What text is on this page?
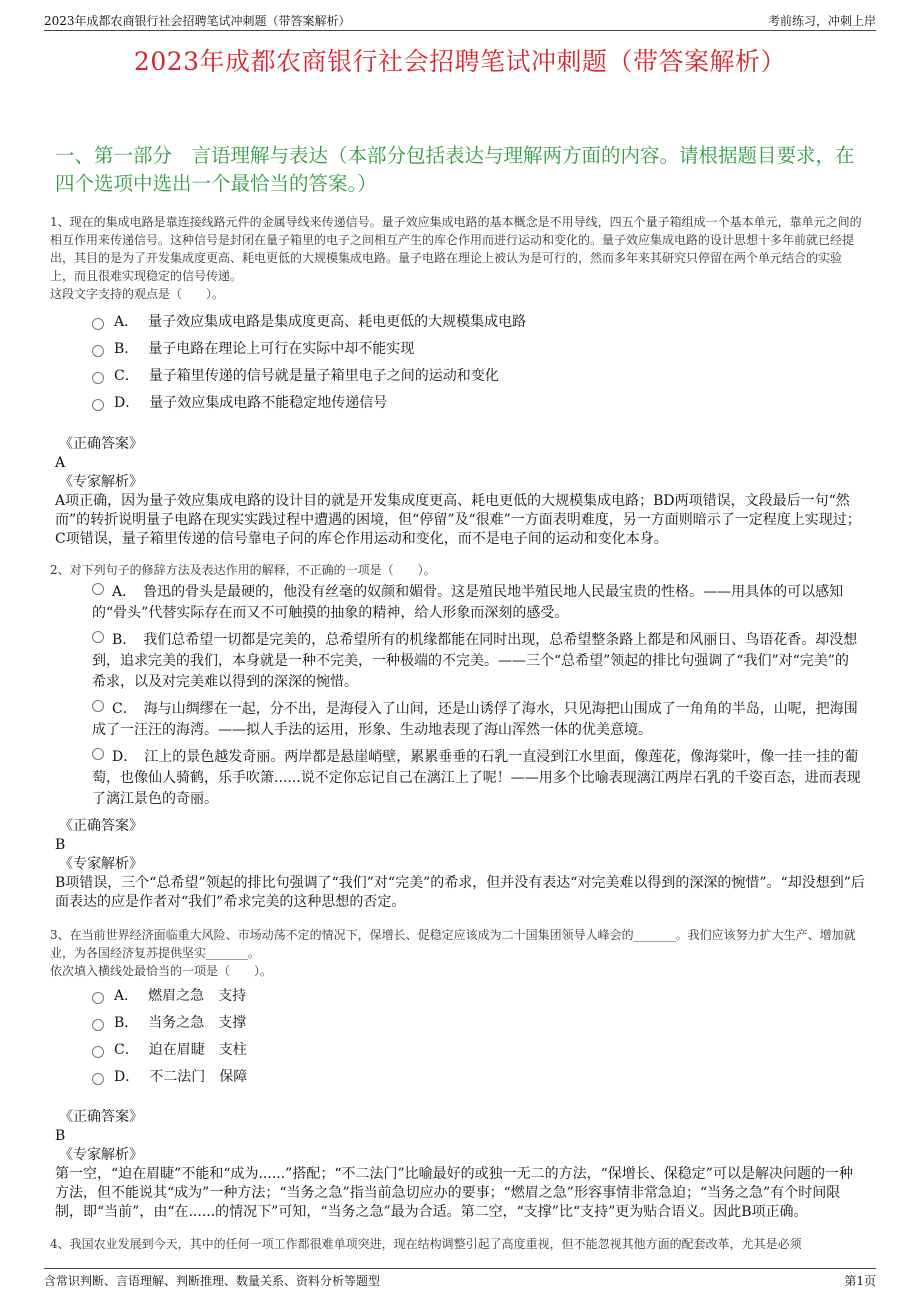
2023年成都农商银行社会招聘笔试冲刺题（带答案解析）	考前练习，冲刺上岸
2023年成都农商银行社会招聘笔试冲刺题（带答案解析）
一、第一部分　言语理解与表达（本部分包括表达与理解两方面的内容。请根据题目要求，在四个选项中选出一个最恰当的答案。）

1、现在的集成电路是靠连接线路元件的金属导线来传递信号。量子效应集成电路的基本概念是不用导线，四五个量子箱组成一个基本单元，靠单元之间的相互作用来传递信号。这种信号是封闭在量子箱里的电子之间相互产生的库仑作用而进行运动和变化的。量子效应集成电路的设计思想十多年前就已经提出，其目的是为了开发集成度更高、耗电更低的大规模集成电路。量子电路在理论上被认为是可行的，然而多年来其研究只停留在两个单元结合的实验上，而且很难实现稳定的信号传递。

这段文字支持的观点是（　　）。

A． 量子效应集成电路是集成度更高、耗电更低的大规模集成电路
B． 量子电路在理论上可行在实际中却不能实现
C． 量子箱里传递的信号就是量子箱里电子之间的运动和变化
D． 量子效应集成电路不能稳定地传递信号
《正确答案》
A
《专家解析》

A项正确，因为量子效应集成电路的设计目的就是开发集成度更高、耗电更低的大规模集成电路；BD两项错误，文段最后一句“然而”的转折说明量子电路在现实实践过程中遭遇的困境，但“停留”及“很难”一方面表明难度，另一方面则暗示了一定程度上实现过；C项错误，量子箱里传递的信号靠电子问的库仑作用运动和变化，而不是电子间的运动和变化本身。

2、对下列句子的修辞方法及表达作用的解释，不正确的一项是（　　）。

A．　 鲁迅的骨头是最硬的，他没有丝毫的奴颜和媚骨。这是殖民地半殖民地人民最宝贵的性格。——用具体的可以感知的“骨头”代替实际存在而又不可触摸的抽象的精神，给人形象而深刻的感受。
B．　 我们总希望一切都是完美的，总希望所有的机缘都能在同时出现，总希望整条路上都是和风丽日、鸟语花香。却没想到，追求完美的我们，本身就是一种不完美，一种极端的不完美。——三个“总希望”领起的排比句强调了“我们”对“完美”的希求，以及对完美难以得到的深深的惋惜。
C．　 海与山绸缪在一起，分不出，是海侵入了山间，还是山诱俘了海水，只见海把山围成了一角角的半岛，山呢，把海围成了一汪汪的海湾。——拟人手法的运用，形象、生动地表现了海山浑然一体的优美意境。
D．　 江上的景色越发奇丽。两岸都是悬崖峭壁，累累垂垂的石乳一直浸到江水里面，像莲花，像海棠叶，像一挂一挂的葡萄，也像仙人骑鹤，乐手吹箫......说不定你忘记自己在漓江上了呢！——用多个比喻表现漓江两岸石乳的千姿百态，进而表现了漓江景色的奇丽。
《正确答案》
B
《专家解析》

B项错误，三个“总希望”领起的排比句强调了“我们”对“完美”的希求，但并没有表达“对完美难以得到的深深的惋惜”。“却没想到”后面表达的应是作者对“我们”希求完美的这种思想的否定。

3、在当前世界经济面临重大风险、市场动荡不定的情况下，保增长、促稳定应该成为二十国集团领导人峰会的_______。我们应该努力扩大生产、增加就业，为各国经济复苏提供坚实_______。

依次填入横线处最恰当的一项是（　　）。

A． 燃眉之急　支持
B． 当务之急　支撑
C． 迫在眉睫　支柱
D． 不二法门　保障
《正确答案》
B
《专家解析》

第一空，“迫在眉睫”不能和“成为......”搭配；“不二法门”比喻最好的或独一无二的方法，“保增长、保稳定”可以是解决问题的一种方法，但不能说其“成为”一种方法；“当务之急”指当前急切应办的要事；“燃眉之急”形容事情非常急迫；“当务之急”有个时间限制，即“当前”，由“在......的情况下”可知，“当务之急”最为合适。第二空，“支撑”比“支持”更为贴合语义。因此B项正确。

4、我国农业发展到今天，其中的任何一项工作都很难单项突进，现在结构调整引起了高度重视，但不能忽视其他方面的配套改革，尤其是必须

含常识判断、言语理解、判断推理、数量关系、资料分析等题型	第1页
